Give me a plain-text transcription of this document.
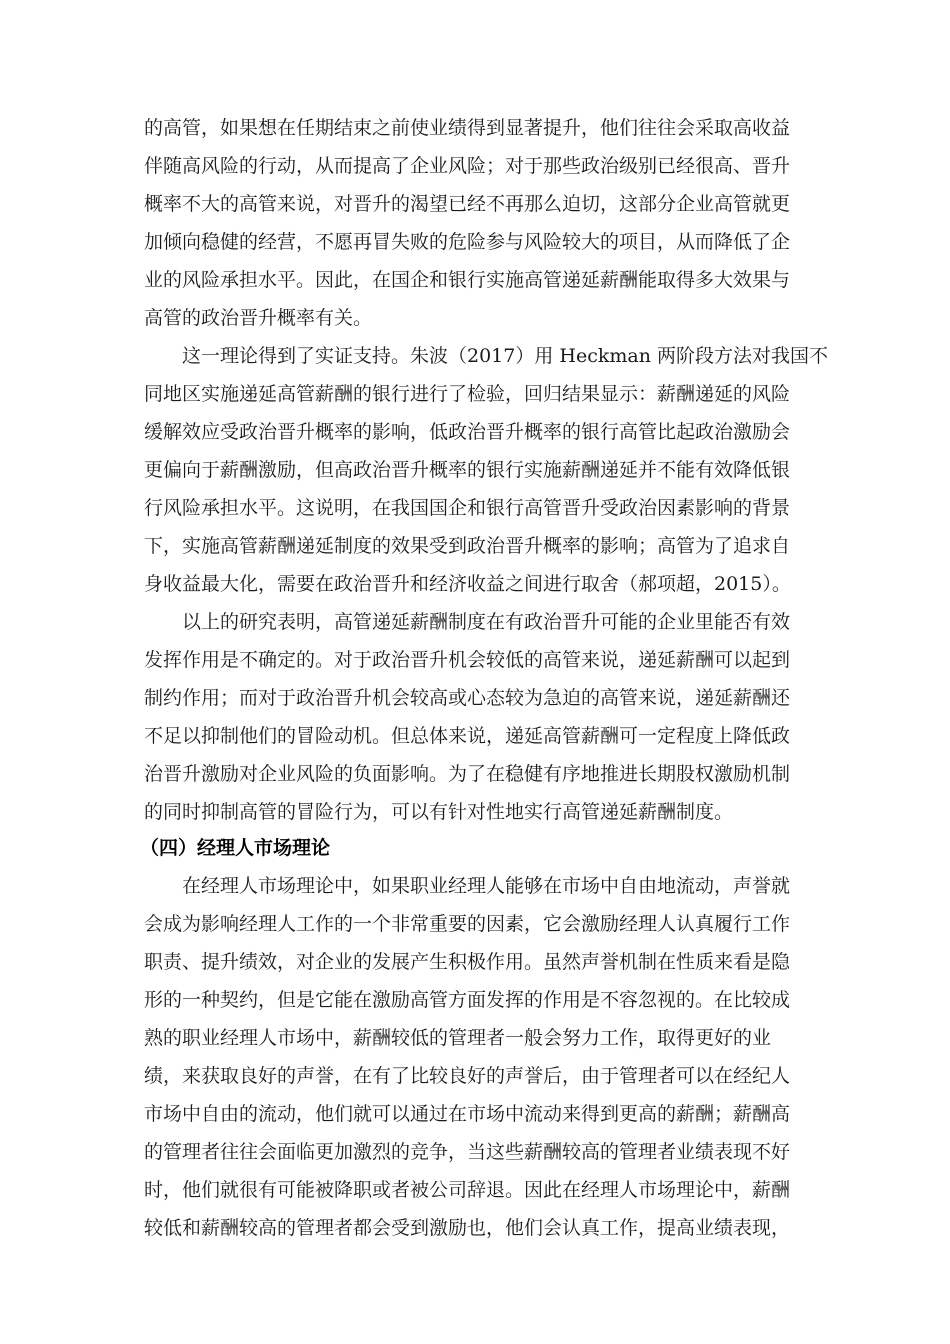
的高管，如果想在任期结束之前使业绩得到显著提升，他们往往会采取高收益
伴随高风险的行动，从而提高了企业风险；对于那些政治级别已经很高、晋升
概率不大的高管来说，对晋升的渴望已经不再那么迫切，这部分企业高管就更
加倾向稳健的经营，不愿再冒失败的危险参与风险较大的项目，从而降低了企
业的风险承担水平。因此，在国企和银行实施高管递延薪酬能取得多大效果与
高管的政治晋升概率有关。
这一理论得到了实证支持。朱波（2017）用 Heckman 两阶段方法对我国不
同地区实施递延高管薪酬的银行进行了检验，回归结果显示：薪酬递延的风险
缓解效应受政治晋升概率的影响，低政治晋升概率的银行高管比起政治激励会
更偏向于薪酬激励，但高政治晋升概率的银行实施薪酬递延并不能有效降低银
行风险承担水平。这说明，在我国国企和银行高管晋升受政治因素影响的背景
下，实施高管薪酬递延制度的效果受到政治晋升概率的影响；高管为了追求自
身收益最大化，需要在政治晋升和经济收益之间进行取舍（郝项超，2015）。
以上的研究表明，高管递延薪酬制度在有政治晋升可能的企业里能否有效
发挥作用是不确定的。对于政治晋升机会较低的高管来说，递延薪酬可以起到
制约作用；而对于政治晋升机会较高或心态较为急迫的高管来说，递延薪酬还
不足以抑制他们的冒险动机。但总体来说，递延高管薪酬可一定程度上降低政
治晋升激励对企业风险的负面影响。为了在稳健有序地推进长期股权激励机制
的同时抑制高管的冒险行为，可以有针对性地实行高管递延薪酬制度。
（四）经理人市场理论
在经理人市场理论中，如果职业经理人能够在市场中自由地流动，声誉就
会成为影响经理人工作的一个非常重要的因素，它会激励经理人认真履行工作
职责、提升绩效，对企业的发展产生积极作用。虽然声誉机制在性质来看是隐
形的一种契约，但是它能在激励高管方面发挥的作用是不容忽视的。在比较成
熟的职业经理人市场中，薪酬较低的管理者一般会努力工作，取得更好的业
绩，来获取良好的声誉，在有了比较良好的声誉后，由于管理者可以在经纪人
市场中自由的流动，他们就可以通过在市场中流动来得到更高的薪酬；薪酬高
的管理者往往会面临更加激烈的竞争，当这些薪酬较高的管理者业绩表现不好
时，他们就很有可能被降职或者被公司辞退。因此在经理人市场理论中，薪酬
较低和薪酬较高的管理者都会受到激励也，他们会认真工作，提高业绩表现，
